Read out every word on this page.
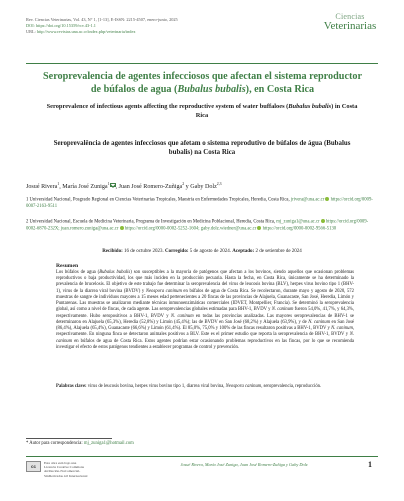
Rev. Ciencias Veterinarias, Vol. 43, N° 1, [1-13], E-ISSN: 2215-4507, enero-junio, 2025
DOI: https://doi.org/10.15359/rcv.43-1.1
URL: http://www.revistas.una.ac.cr/index.php/veterinaria/index
Ciencias
Veterinarias
Seroprevalencia de agentes infecciosos que afectan el sistema reproductor de búfalos de agua (Bubalus bubalis), en Costa Rica
Seroprevalence of infectious agents affecting the reproductive system of water buffaloes (Bubalus bubalis) in Costa Rica
Seroprevalência de agentes infecciosos que afetam o sistema reprodutivo de búfalos de água (Bubalus bubalis) na Costa Rica
Josué Rivera$^1$, María José Zuniga$^1$, Juan José Romero-Zuñiga$^2$ y Gaby Dolz$^{2,3}$
1 Universidad Nacional, Posgrado Regional en Ciencias Veterinarias Tropicales, Maestría en Enfermedades Tropicales, Heredia, Costa Rica, jrivera@una.ac.cr https://orcid.org/0009-0007-2163-9511
2 Universidad Nacional, Escuela de Medicina Veterinaria, Programa de Investigación en Medicina Poblacional, Heredia, Costa Rica, mj_zuniga1@una.ac.cr https://orcid.org/0009-0002-6870-232X; juan.romero.zuniga@una.ac.cr https://orcid.org/0000-0002-5252-1604; gaby.dolz.wiedner@una.ac.cr https://orcid.org/0000-0002-9566-5130
Recibido: 16 de octubre 2023. Corregido: 5 de agosto de 2024. Aceptado: 2 de setiembre de 2024
Resumen
Los búfalos de agua (Bubalus bubalis) son susceptibles a la mayoría de patógenos que afectan a los bovinos, siendo aquellos que ocasionan problemas reproductivos o baja productividad, los que más inciden en la producción pecuaria. Hasta la fecha, en Costa Rica, únicamente se ha determinado la prevalencia de brucelosis. El objetivo de este trabajo fue determinar la seroprevalencia del virus de leucosis bovina (BLV), herpes virus bovino tipo 1 (BHV-1), virus de la diarrea viral bovina (BVDV) y Neospora caninum en búfalos de agua de Costa Rica. Se recolectaron, durante mayo y agosto de 2020, 572 muestras de sangre de individuos mayores a 15 meses edad pertenecientes a 20 fincas de las provincias de Alajuela, Guanacaste, San José, Heredia, Limón y Puntarenas. Las muestras se analizaron mediante técnicas inmunoenzimáticas comerciales (IDVET, Montpellier, Francia). Se determinó la seroprevalencia global, así como a nivel de fincas, de cada agente. Las seroprevalencias globales estimadas para BHV-1, BVDV y N. caninum fueron 54,0%, 41,7%, y 64,3%, respectivamente. Hubo seropositivos a BHV-1, BVDV y N. caninum en todas las provincias analizadas. Las mayores seroprevalencias de BHV-1 se determinaron en Alajuela (65,3%), Heredia (52,8%) y Limón (45,4%); las de BVDV en San José (68,2%) y Alajuela (63,9%), y de N. caninum en San José (86,4%), Alajuela (65,4%), Guanacaste (66,6%) y Limón (61,4%). El 85,0%, 75,0% y 100% de las fincas resultaron positivas a BHV-1, BVDV y N. caninum, respectivamente. En ninguna finca se detectaron animales positivos a BLV. Este es el primer estudio que reporta la seroprevalencia de BHV-1, BVDV y N. caninum en búfalos de agua de Costa Rica. Estos agentes podrían estar ocasionando problemas reproductivos en las fincas, por lo que se recomienda investigar el efecto de estos patógenos tendientes a establecer programas de control y prevención.
Palabras clave: virus de leucosis bovina, herpes virus bovino tipo 1, diarrea viral bovina, Neospora caninum, seroprevalencia, reproducción.
* Autor para correspondencia: mj_zuniga1@hotmail.com
cc
Esta obra está bajo una
Licencia Creative Commons
Atribución-NoComercial-
SinDerivadas 4.0 Internacional
Josué Rivera, María José Zuniga, Juan José Romero-Zuñiga y Gaby Dolz	1
